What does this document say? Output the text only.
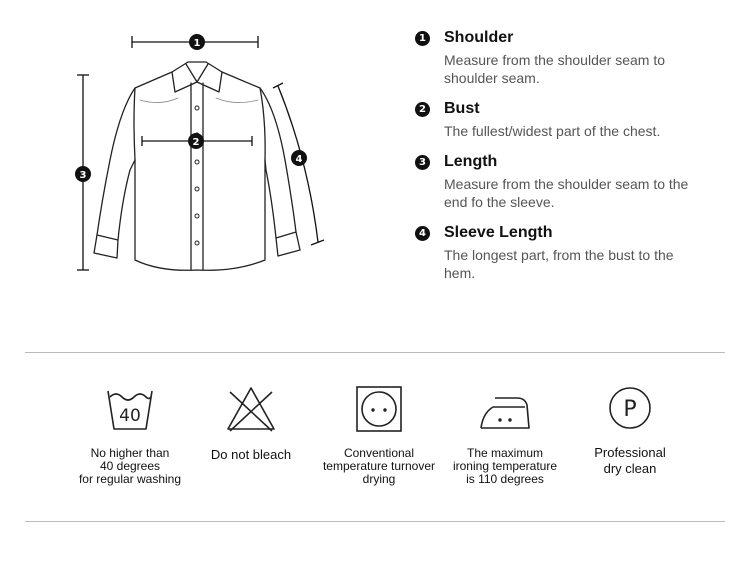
1
2
3
4
1 Shoulder
Measure from the shoulder seam to shoulder seam.
2 Bust
The fullest/widest part of the chest.
3 Length
Measure from the shoulder seam to the end fo the sleeve.
4 Sleeve Length
The longest part, from the bust to the hem.
40
No higher than
40 degrees
for regular washing
Do not bleach	Conventional
temperature turnover
drying
The maximum
ironing temperature
is 110 degrees
P
Professional
dry clean
